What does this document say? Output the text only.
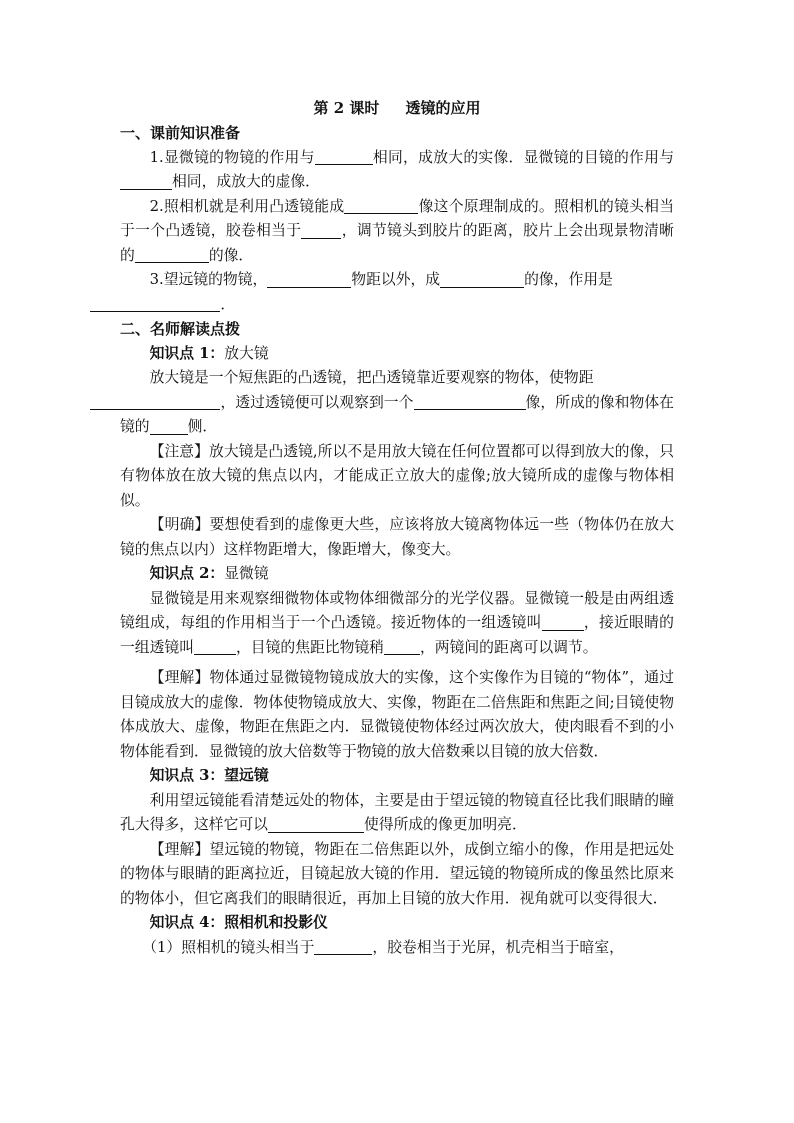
第 2 课时 透镜的应用

一、课前知识准备

1.显微镜的物镜的作用与	相同，成放大的实像．显微镜的目镜的作用与相同，成放大的虚像．

2.照相机就是利用凸透镜能成	像这个原理制成的。照相机的镜头相当于一个凸透镜，胶卷相当于	，调节镜头到胶片的距离，胶片上会出现景物清晰的	的像．

3.望远镜的物镜，	物距以外，成	的像，作用是
．

二、名师解读点拨

知识点 1：放大镜

放大镜是一个短焦距的凸透镜，把凸透镜靠近要观察的物体，使物距
，透过透镜便可以观察到一个	像，所成的像和物体在镜的	侧．

【注意】放大镜是凸透镜,所以不是用放大镜在任何位置都可以得到放大的像，只有物体放在放大镜的焦点以内，才能成正立放大的虚像;放大镜所成的虚像与物体相似。

【明确】要想使看到的虚像更大些，应该将放大镜离物体远一些（物体仍在放大镜的焦点以内）这样物距增大，像距增大，像变大。

知识点 2：显微镜

显微镜是用来观察细微物体或物体细微部分的光学仪器。显微镜一般是由两组透镜组成，每组的作用相当于一个凸透镜。接近物体的一组透镜叫	，接近眼睛的一组透镜叫	，目镜的焦距比物镜稍 ，两镜间的距离可以调节。

【理解】物体通过显微镜物镜成放大的实像，这个实像作为目镜的“物体”，通过目镜成放大的虚像．物体使物镜成放大、实像，物距在二倍焦距和焦距之间;目镜使物体成放大、虚像，物距在焦距之内．显微镜使物体经过两次放大，使肉眼看不到的小物体能看到．显微镜的放大倍数等于物镜的放大倍数乘以目镜的放大倍数．

知识点 3：望远镜

利用望远镜能看清楚远处的物体，主要是由于望远镜的物镜直径比我们眼睛的瞳孔大得多，这样它可以	使得所成的像更加明亮．

【理解】望远镜的物镜，物距在二倍焦距以外，成倒立缩小的像，作用是把远处的物体与眼睛的距离拉近，目镜起放大镜的作用．望远镜的物镜所成的像虽然比原来的物体小，但它离我们的眼睛很近，再加上目镜的放大作用．视角就可以变得很大．

知识点 4：照相机和投影仪

（1）照相机的镜头相当于	，胶卷相当于光屏，机壳相当于暗室，
